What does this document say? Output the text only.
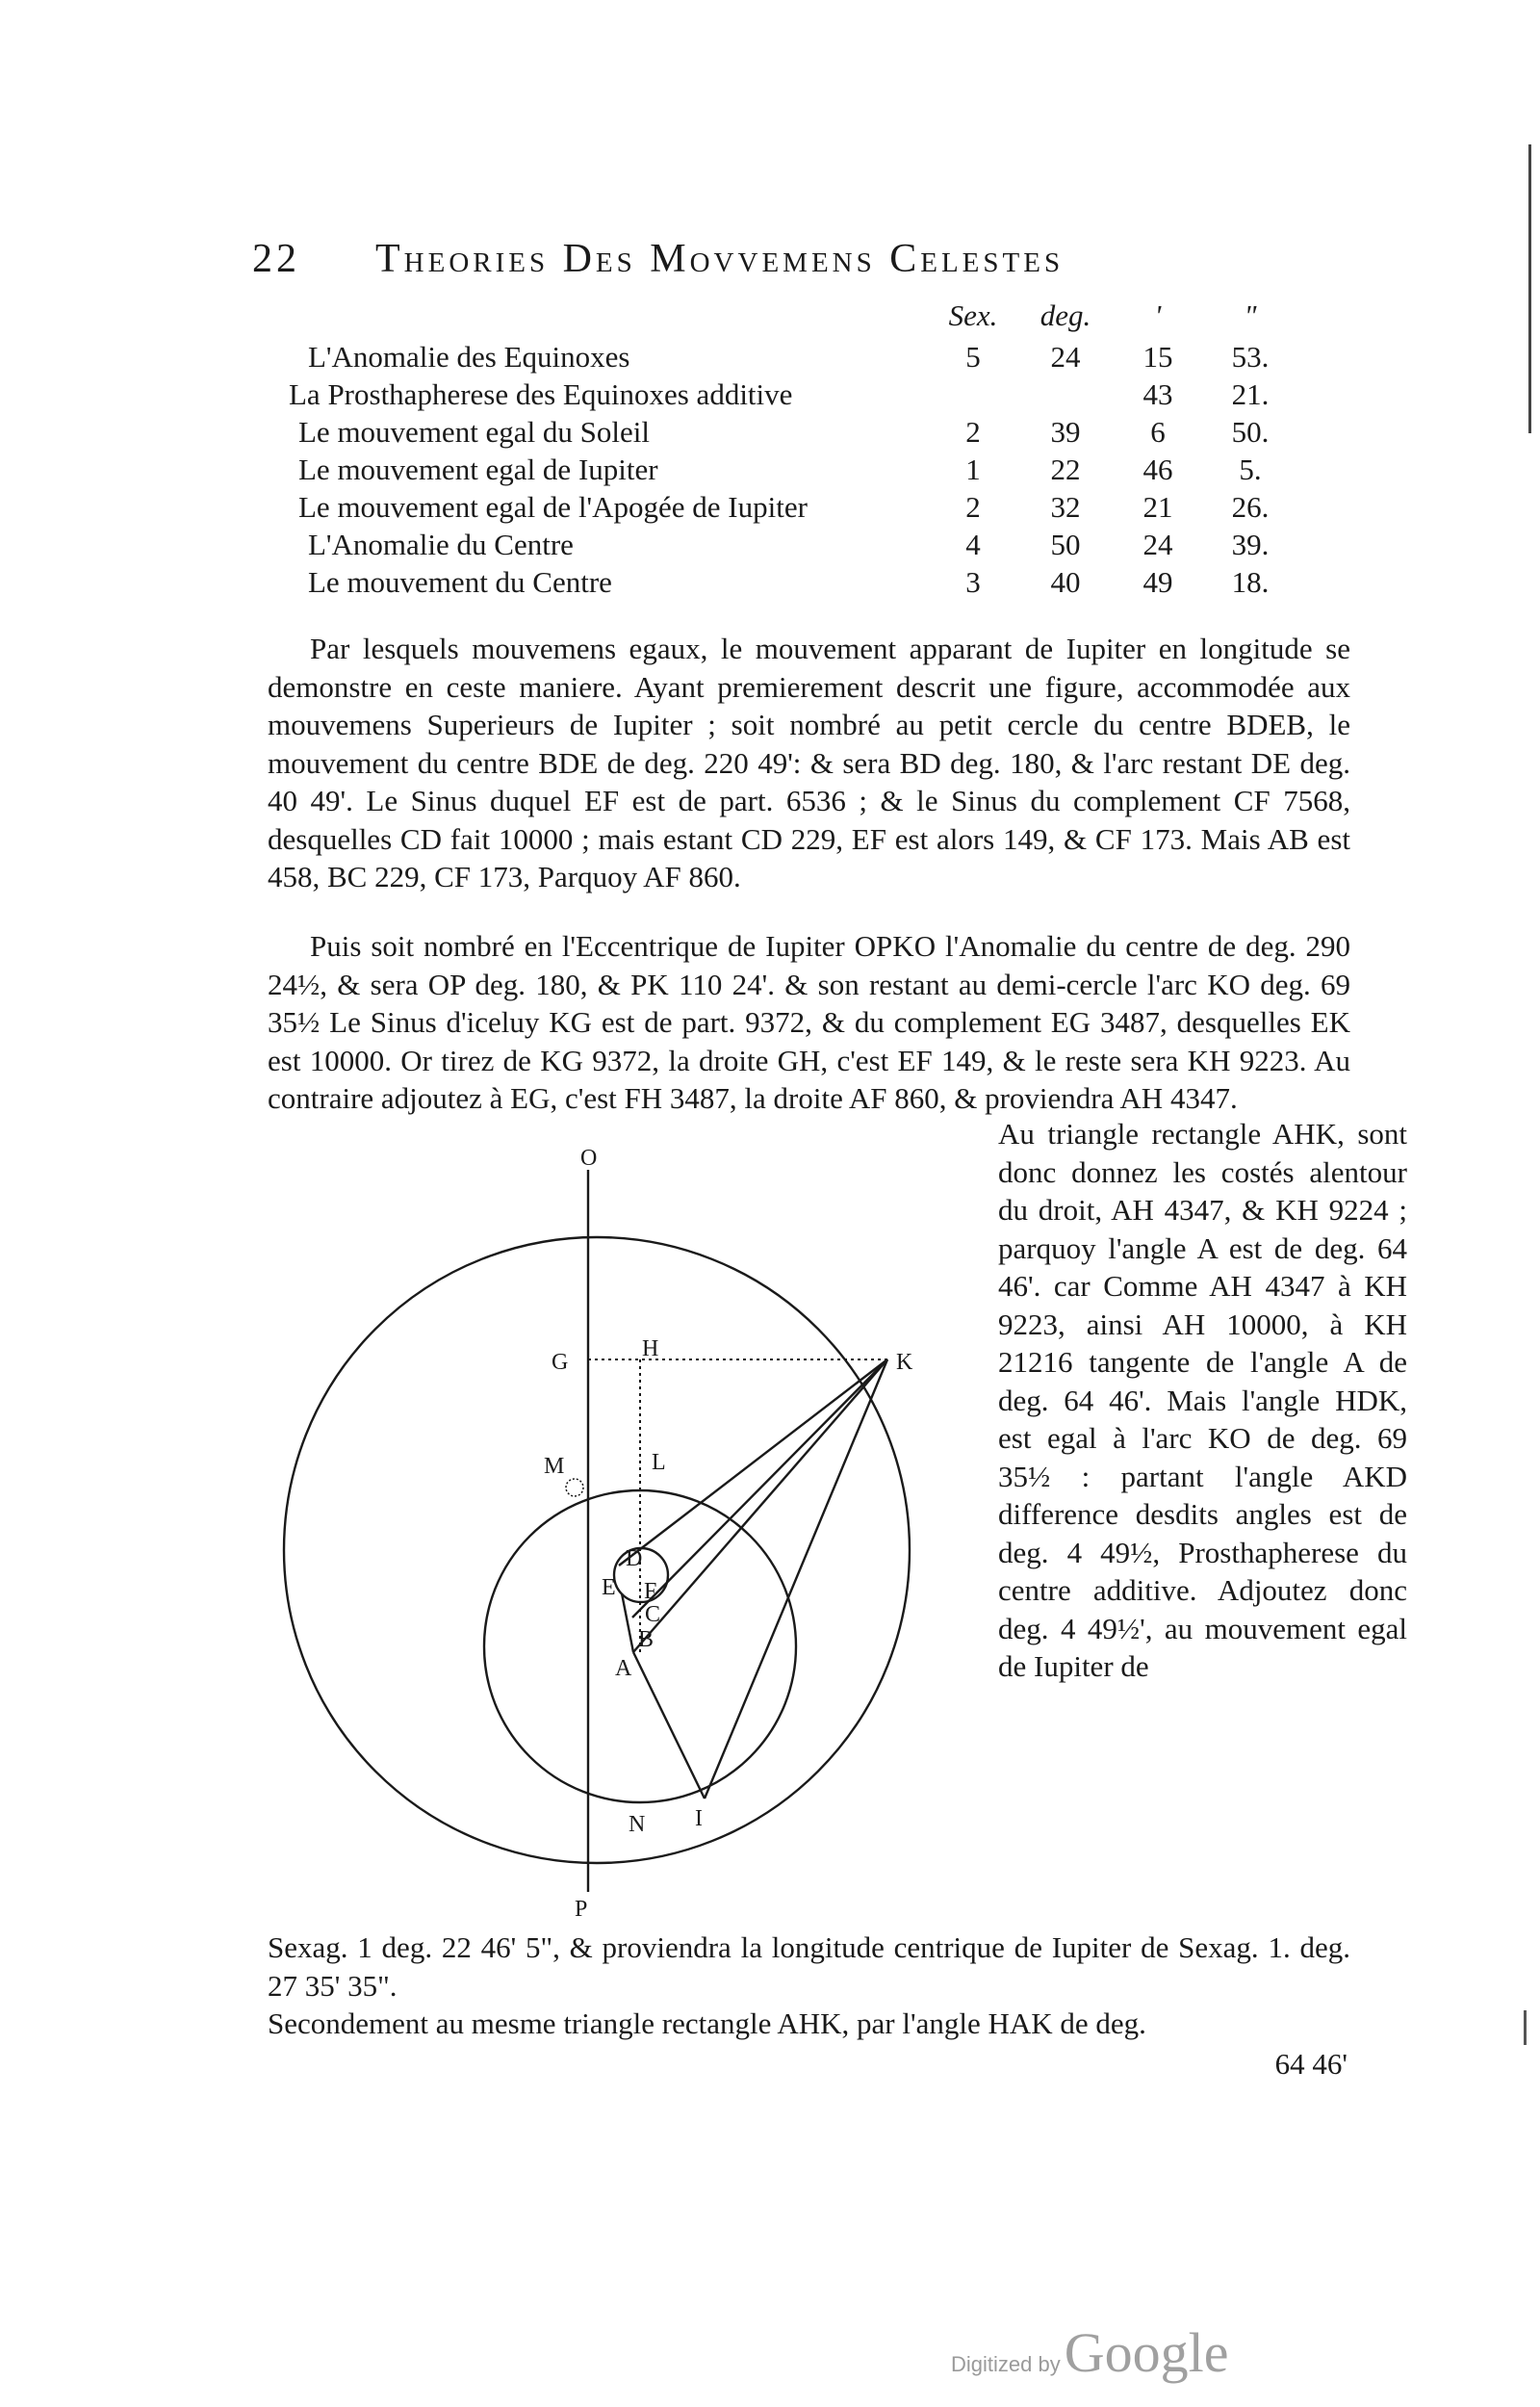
22 Theories Des Movvemens Celestes
	Sex.	deg.	'	"
L'Anomalie des Equinoxes	5	24	15	53.
La Prosthapherese des Equinoxes additive			43	21.
Le mouvement egal du Soleil	2	39	6	50.
Le mouvement egal de Iupiter	1	22	46	5.
Le mouvement egal de l'Apogée de Iupiter	2	32	21	26.
L'Anomalie du Centre	4	50	24	39.
Le mouvement du Centre	3	40	49	18.
Par lesquels mouvemens egaux, le mouvement apparant de Iupiter en longitude se demonstre en ceste maniere. Ayant premierement descrit une figure, accommodée aux mouvemens Superieurs de Iupiter ; soit nombré au petit cercle du centre BDEB, le mouvement du centre BDE de deg. 220 49': & sera BD deg. 180, & l'arc restant DE deg. 40 49'. Le Sinus duquel EF est de part. 6536 ; & le Sinus du complement CF 7568, desquelles CD fait 10000 ; mais estant CD 229, EF est alors 149, & CF 173. Mais AB est 458, BC 229, CF 173, Parquoy AF 860.
Puis soit nombré en l'Eccentrique de Iupiter OPKO l'Anomalie du centre de deg. 290 24½, & sera OP deg. 180, & PK 110 24'. & son restant au demi-cercle l'arc KO deg. 69 35½ Le Sinus d'iceluy KG est de part. 9372, & du complement EG 3487, desquelles EK est 10000. Or tirez de KG 9372, la droite GH, c'est EF 149, & le reste sera KH 9223. Au contraire adjoutez à EG, c'est FH 3487, la droite AF 860, & proviendra AH 4347.
Au triangle rectangle AHK, sont donc donnez les costés alentour du droit, AH 4347, & KH 9224 ; parquoy l'angle A est de deg. 64 46'. car Comme AH 4347 à KH 9223, ainsi AH 10000, à KH 21216 tangente de l'angle A de deg. 64 46'. Mais l'angle HDK, est egal à l'arc KO de deg. 69 35½ : partant l'angle AKD difference desdits angles est de deg. 4 49½, Prosthapherese du centre additive. Adjoutez donc deg. 4 49½', au mouvement egal de Iupiter de
O
P
G
H
K
L
M
D
E F
C
B
A
N I
Sexag. 1 deg. 22 46' 5", & proviendra la longitude centrique de Iupiter de Sexag. 1. deg. 27 35' 35".
Secondement au mesme triangle rectangle AHK, par l'angle HAK de deg.
64 46'
Digitized by Google
